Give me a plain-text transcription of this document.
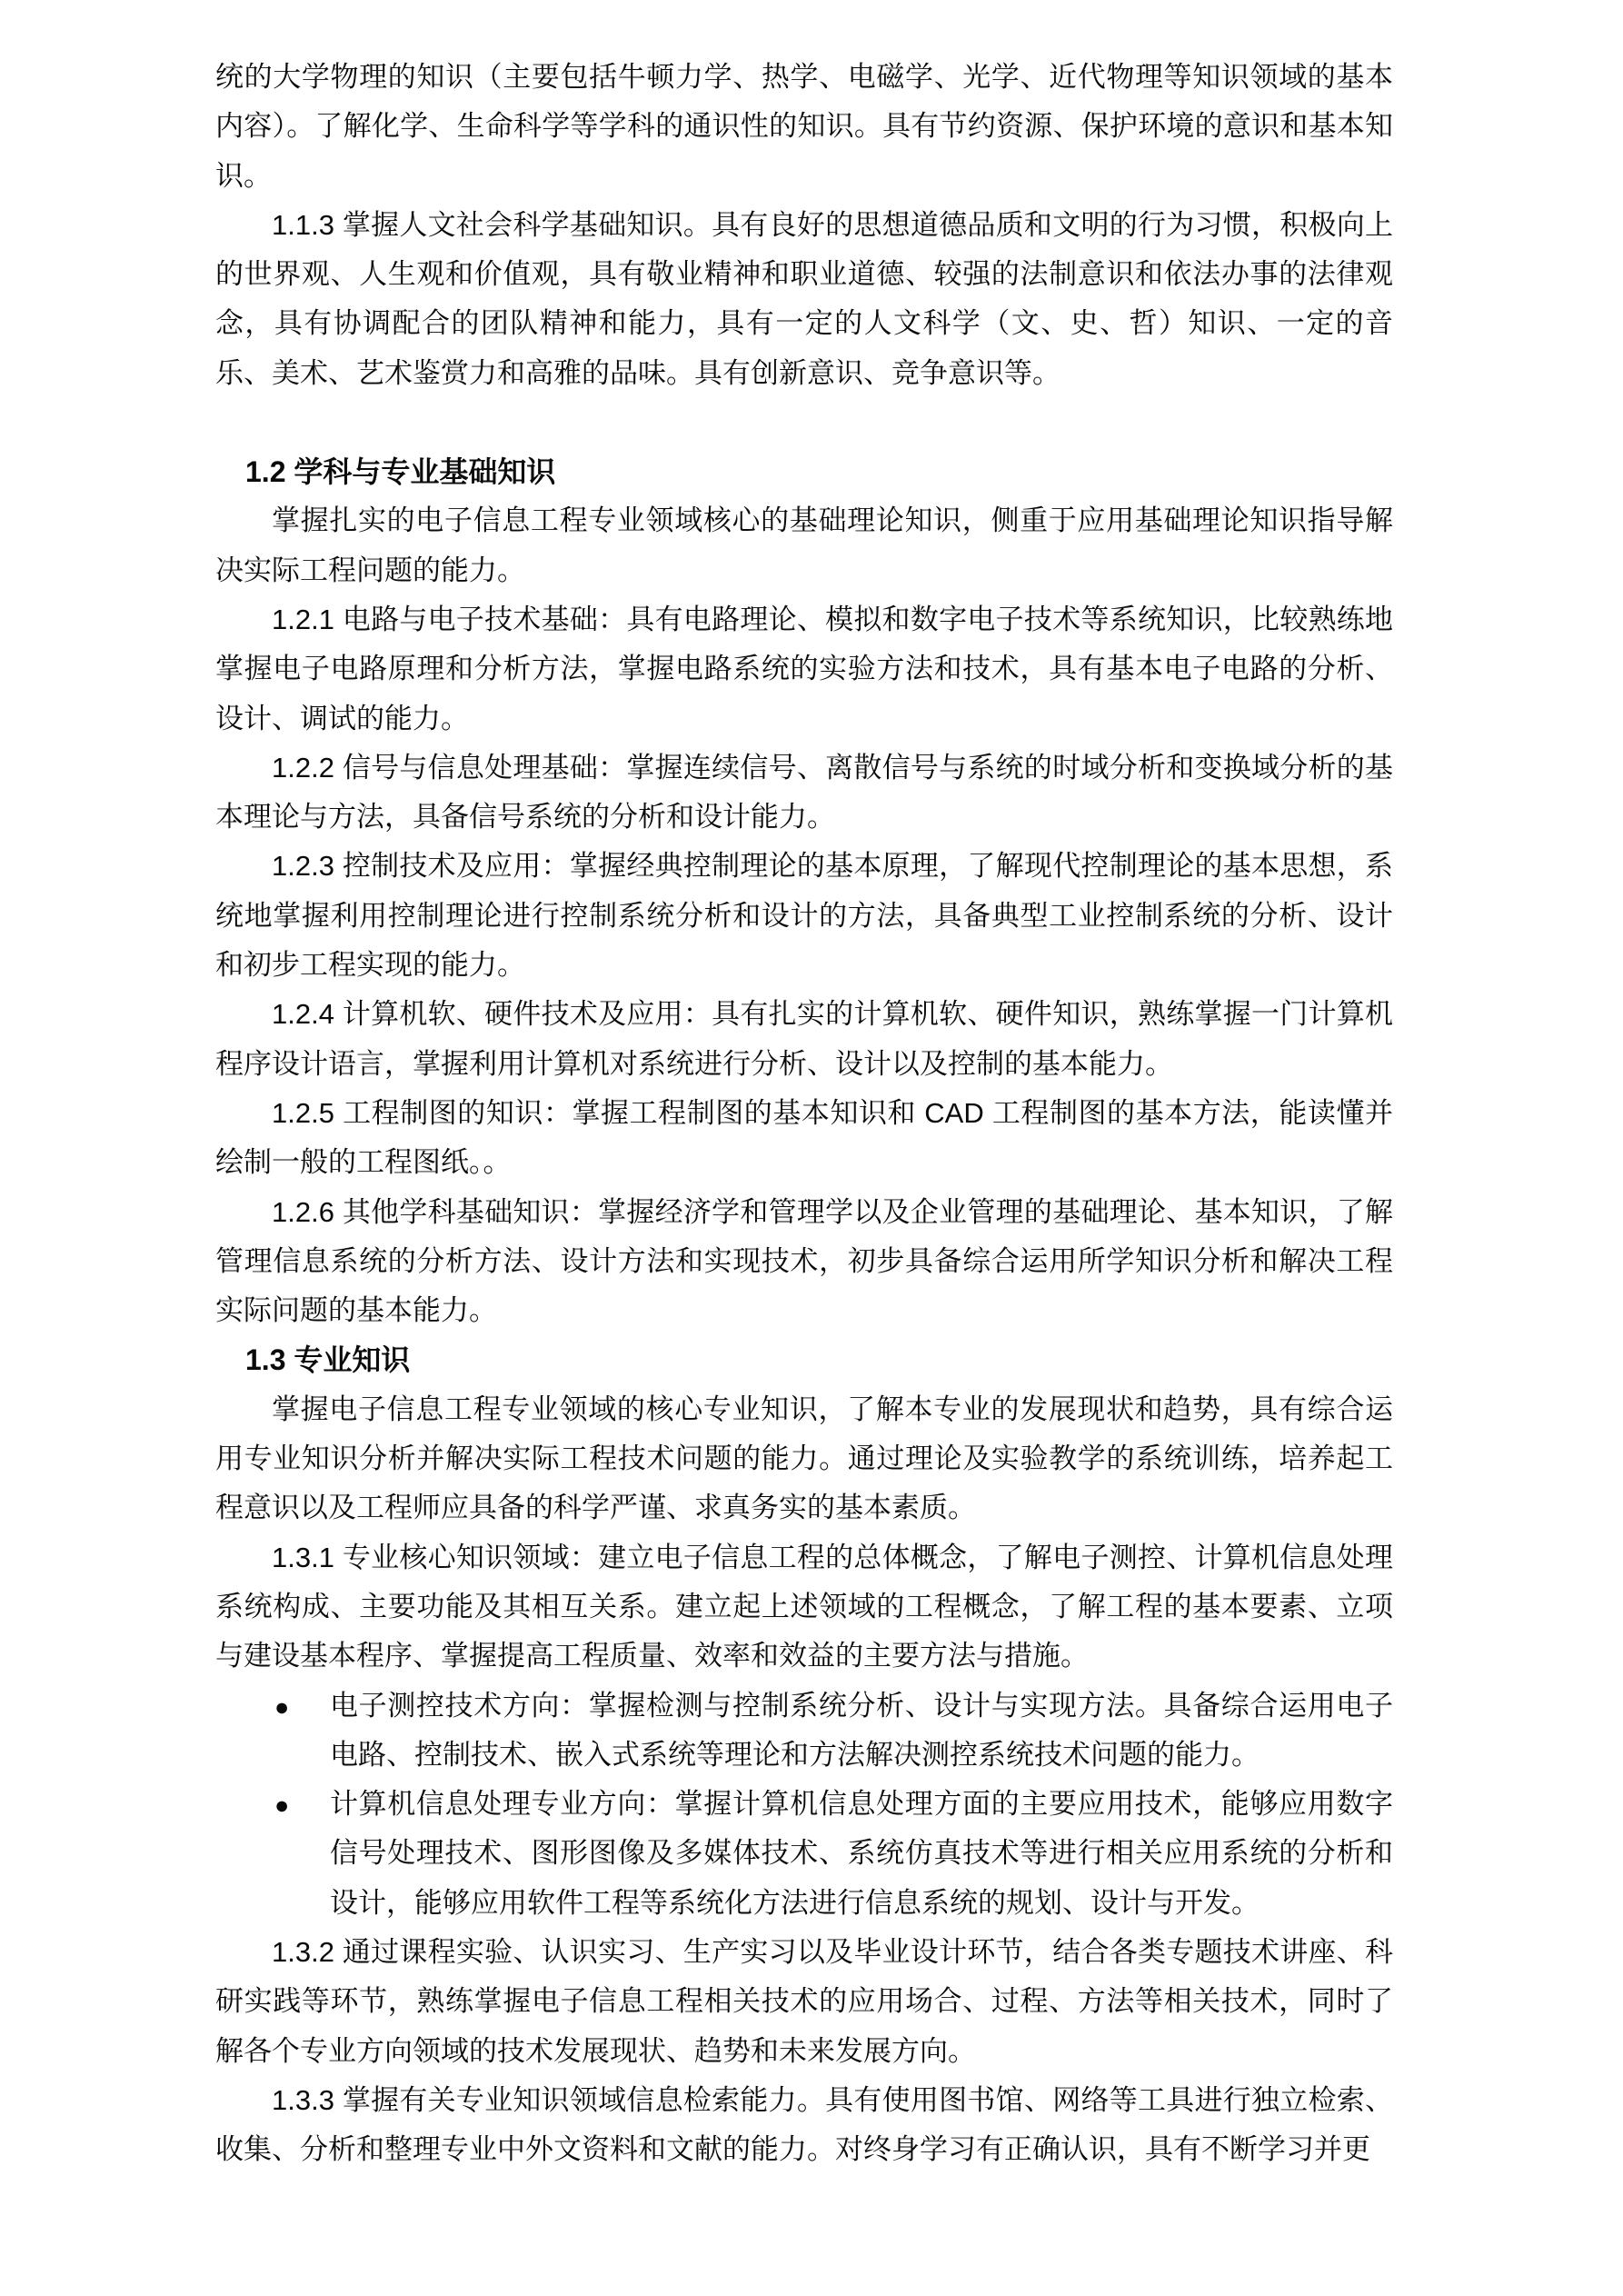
统的大学物理的知识（主要包括牛顿力学、热学、电磁学、光学、近代物理等知识领域的基本内容）。了解化学、生命科学等学科的通识性的知识。具有节约资源、保护环境的意识和基本知识。
1.1.3 掌握人文社会科学基础知识。具有良好的思想道德品质和文明的行为习惯，积极向上的世界观、人生观和价值观，具有敬业精神和职业道德、较强的法制意识和依法办事的法律观念，具有协调配合的团队精神和能力，具有一定的人文科学（文、史、哲）知识、一定的音乐、美术、艺术鉴赏力和高雅的品味。具有创新意识、竞争意识等。
1.2 学科与专业基础知识
掌握扎实的电子信息工程专业领域核心的基础理论知识，侧重于应用基础理论知识指导解决实际工程问题的能力。
1.2.1 电路与电子技术基础：具有电路理论、模拟和数字电子技术等系统知识，比较熟练地掌握电子电路原理和分析方法，掌握电路系统的实验方法和技术，具有基本电子电路的分析、设计、调试的能力。
1.2.2 信号与信息处理基础：掌握连续信号、离散信号与系统的时域分析和变换域分析的基本理论与方法，具备信号系统的分析和设计能力。
1.2.3 控制技术及应用：掌握经典控制理论的基本原理，了解现代控制理论的基本思想，系统地掌握利用控制理论进行控制系统分析和设计的方法，具备典型工业控制系统的分析、设计和初步工程实现的能力。
1.2.4 计算机软、硬件技术及应用：具有扎实的计算机软、硬件知识，熟练掌握一门计算机程序设计语言，掌握利用计算机对系统进行分析、设计以及控制的基本能力。
1.2.5 工程制图的知识：掌握工程制图的基本知识和 CAD 工程制图的基本方法，能读懂并绘制一般的工程图纸。。
1.2.6 其他学科基础知识：掌握经济学和管理学以及企业管理的基础理论、基本知识，了解管理信息系统的分析方法、设计方法和实现技术，初步具备综合运用所学知识分析和解决工程实际问题的基本能力。
1.3 专业知识
掌握电子信息工程专业领域的核心专业知识，了解本专业的发展现状和趋势，具有综合运用专业知识分析并解决实际工程技术问题的能力。通过理论及实验教学的系统训练，培养起工程意识以及工程师应具备的科学严谨、求真务实的基本素质。
1.3.1 专业核心知识领域：建立电子信息工程的总体概念，了解电子测控、计算机信息处理系统构成、主要功能及其相互关系。建立起上述领域的工程概念，了解工程的基本要素、立项与建设基本程序、掌握提高工程质量、效率和效益的主要方法与措施。
● 电子测控技术方向：掌握检测与控制系统分析、设计与实现方法。具备综合运用电子电路、控制技术、嵌入式系统等理论和方法解决测控系统技术问题的能力。
● 计算机信息处理专业方向：掌握计算机信息处理方面的主要应用技术，能够应用数字信号处理技术、图形图像及多媒体技术、系统仿真技术等进行相关应用系统的分析和设计，能够应用软件工程等系统化方法进行信息系统的规划、设计与开发。
1.3.2 通过课程实验、认识实习、生产实习以及毕业设计环节，结合各类专题技术讲座、科研实践等环节，熟练掌握电子信息工程相关技术的应用场合、过程、方法等相关技术，同时了解各个专业方向领域的技术发展现状、趋势和未来发展方向。
1.3.3 掌握有关专业知识领域信息检索能力。具有使用图书馆、网络等工具进行独立检索、收集、分析和整理专业中外文资料和文献的能力。对终身学习有正确认识，具有不断学习并更
